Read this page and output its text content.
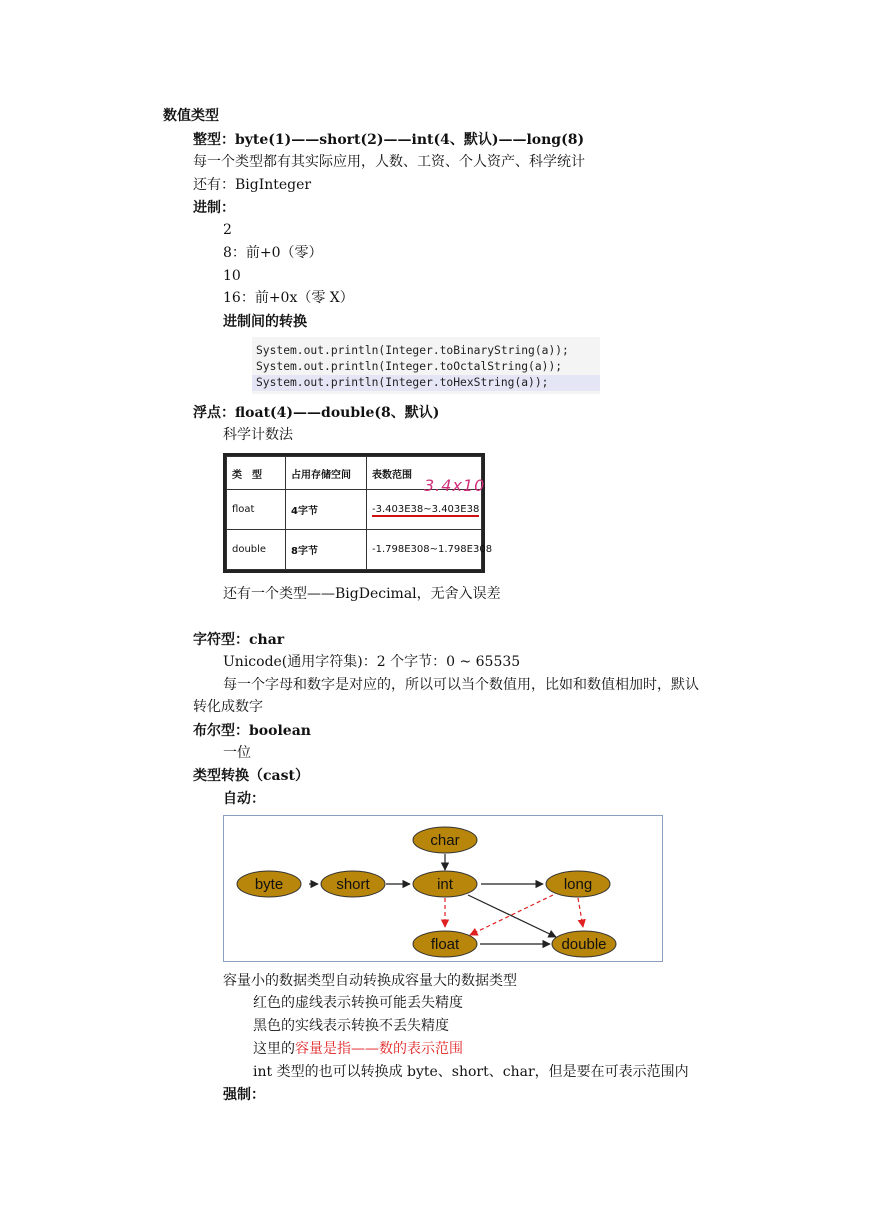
数值类型
整型：byte(1)——short(2)——int(4、默认)——long(8)
每一个类型都有其实际应用，人数、工资、个人资产、科学统计
还有：BigInteger
进制：
2
8：前+0（零）
10
16：前+0x（零 X）
进制间的转换

System.out.println(Integer.toBinaryString(a));
System.out.println(Integer.toOctalString(a));
System.out.println(Integer.toHexString(a));
浮点：float(4)——double(8、默认)
科学计数法
类　型	占用存储空间	表数范围
float	4字节	-3.403E38~3.403E38
double	8字节	-1.798E308~1.798E308
3.4x10
还有一个类型——BigDecimal，无舍入误差
字符型：char
Unicode(通用字符集)：2 个字节：0 ~ 65535
每一个字母和数字是对应的，所以可以当个数值用，比如和数值相加时，默认
转化成数字
布尔型：boolean
一位
类型转换（cast）
自动：
char
byte	short	int	long
float	double
容量小的数据类型自动转换成容量大的数据类型
红色的虚线表示转换可能丢失精度
黑色的实线表示转换不丢失精度
这里的容量是指——数的表示范围
int 类型的也可以转换成 byte、short、char，但是要在可表示范围内
强制：
